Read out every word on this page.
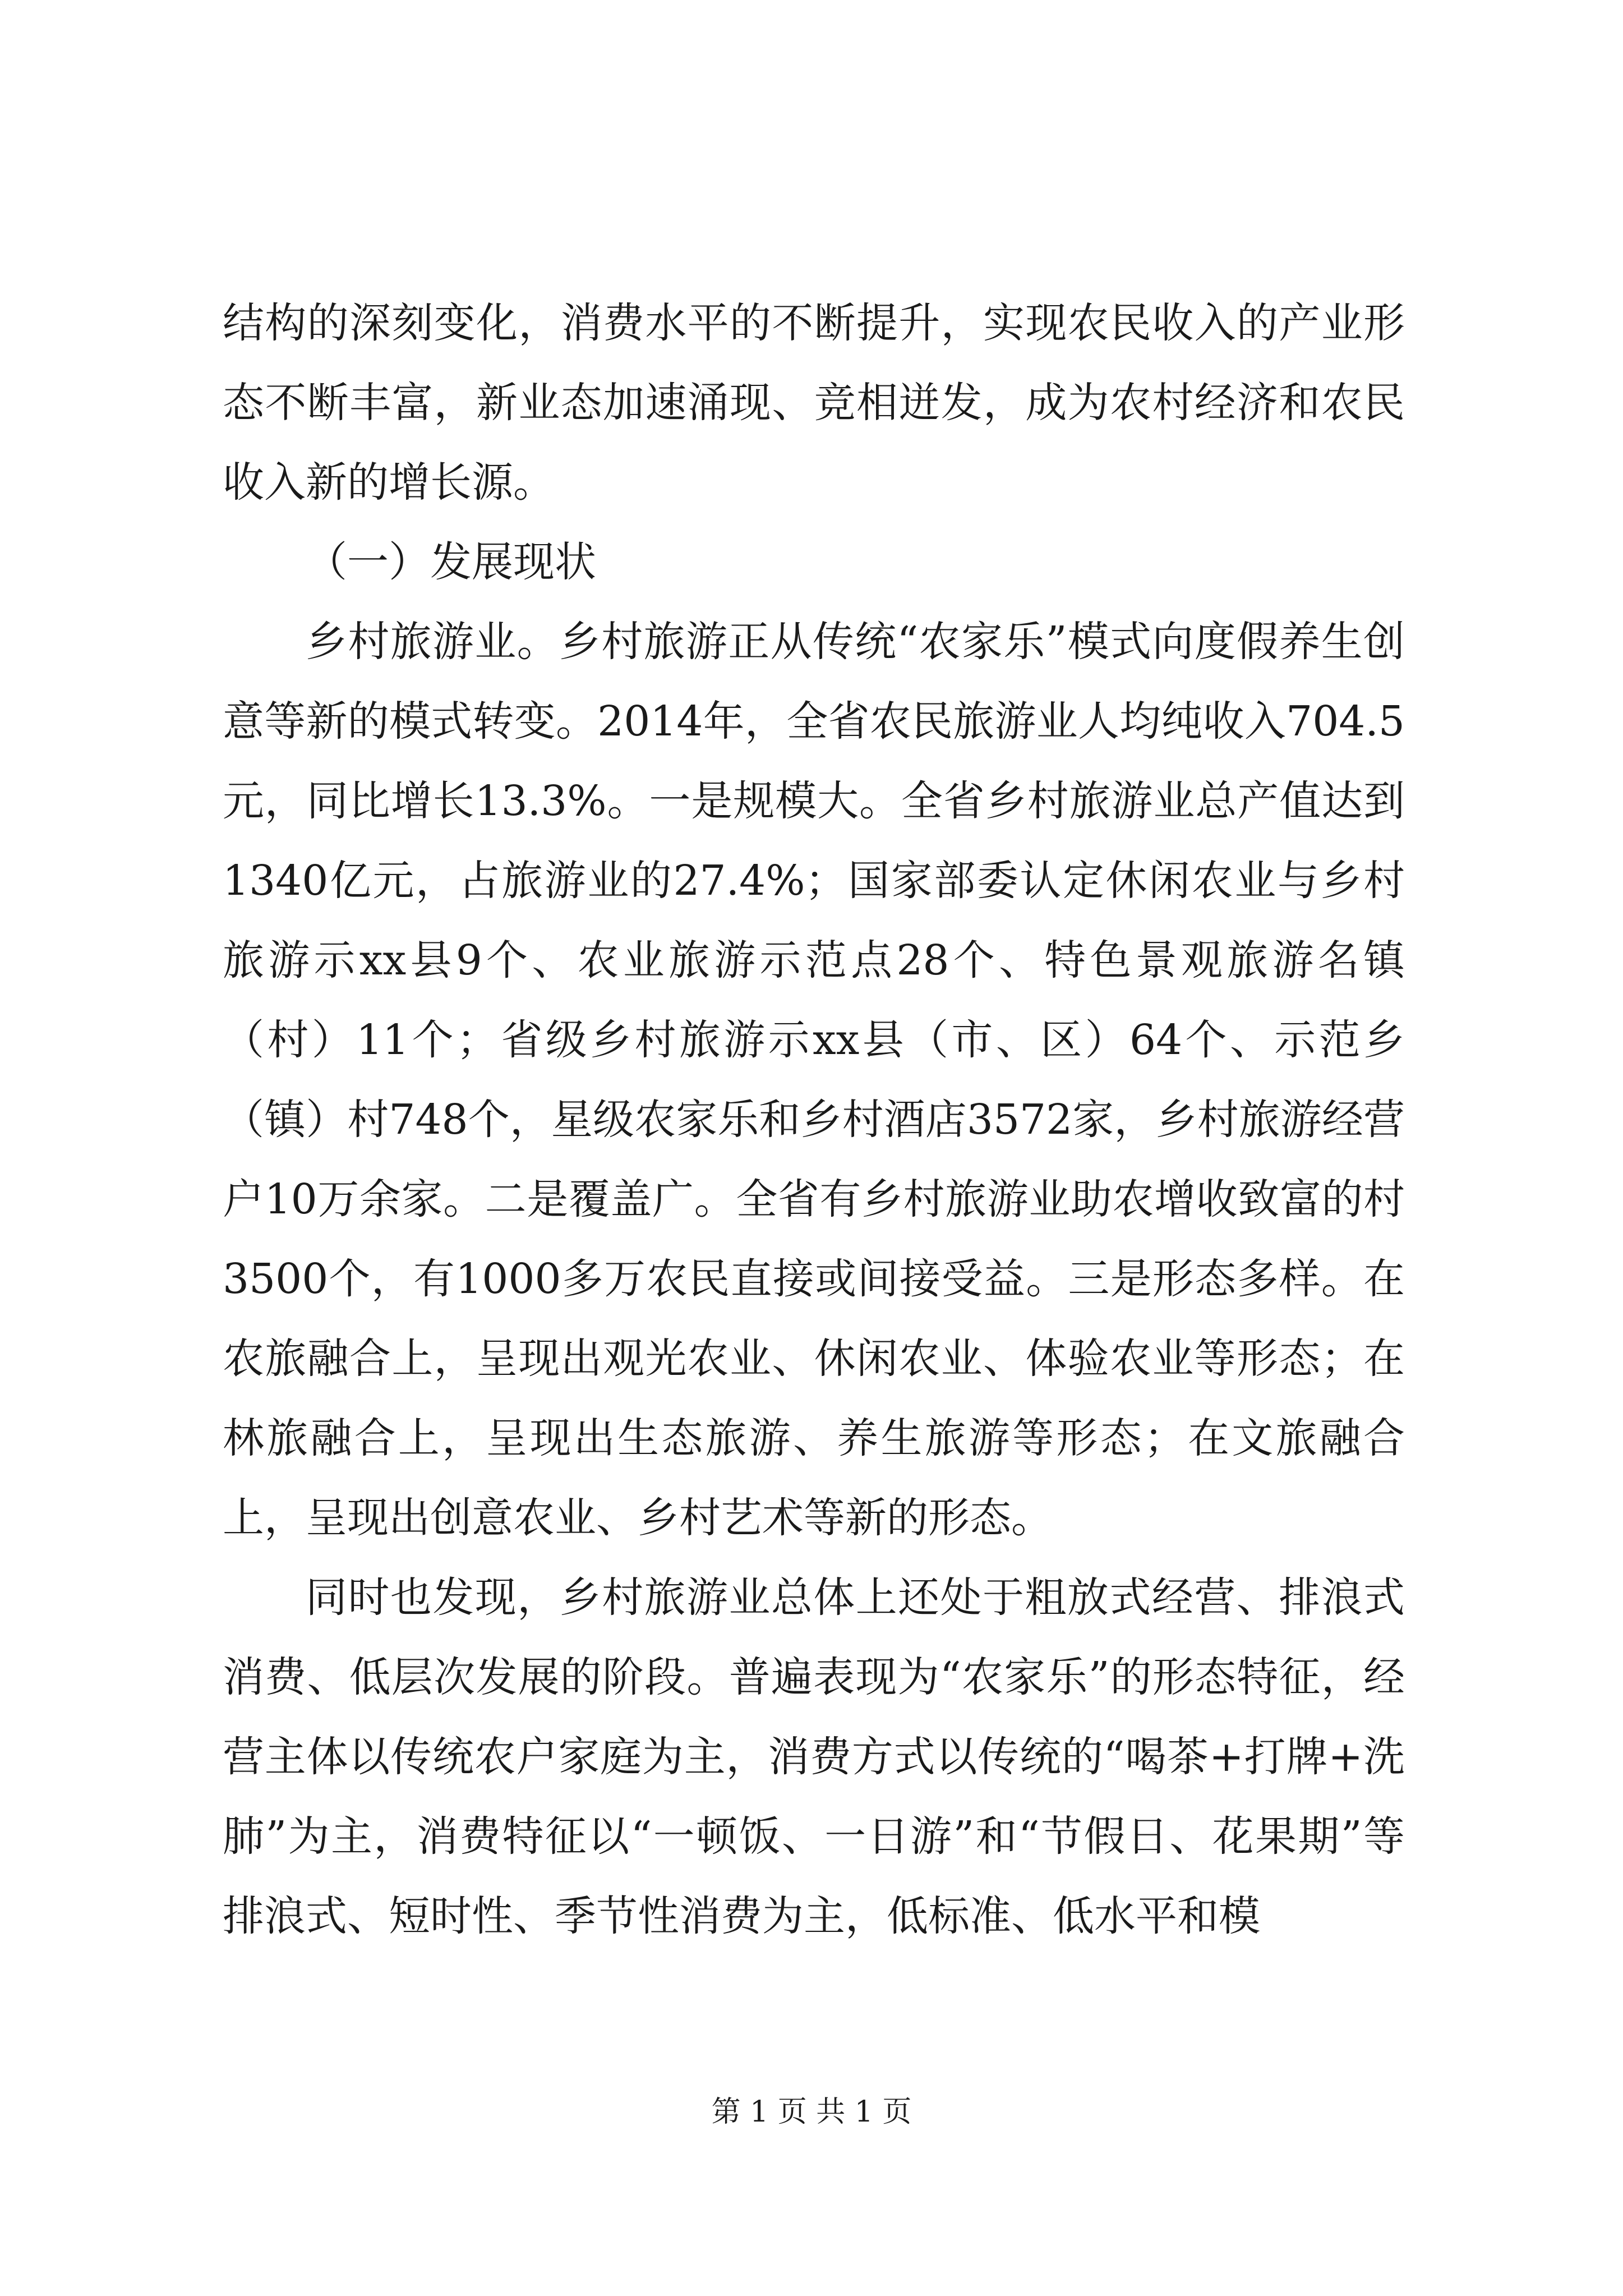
结构的深刻变化，消费水平的不断提升，实现农民收入的产业形态不断丰富，新业态加速涌现、竞相迸发，成为农村经济和农民收入新的增长源。

（一）发展现状

乡村旅游业。乡村旅游正从传统“农家乐”模式向度假养生创意等新的模式转变。2014年，全省农民旅游业人均纯收入704.5元，同比增长13.3%。一是规模大。全省乡村旅游业总产值达到1340亿元，占旅游业的27.4%；国家部委认定休闲农业与乡村旅游示xx县9个、农业旅游示范点28个、特色景观旅游名镇（村）11个；省级乡村旅游示xx县（市、区）64个、示范乡（镇）村748个，星级农家乐和乡村酒店3572家，乡村旅游经营户10万余家。二是覆盖广。全省有乡村旅游业助农增收致富的村3500个，有1000多万农民直接或间接受益。三是形态多样。在农旅融合上，呈现出观光农业、休闲农业、体验农业等形态；在林旅融合上，呈现出生态旅游、养生旅游等形态；在文旅融合上，呈现出创意农业、乡村艺术等新的形态。

同时也发现，乡村旅游业总体上还处于粗放式经营、排浪式消费、低层次发展的阶段。普遍表现为“农家乐”的形态特征，经营主体以传统农户家庭为主，消费方式以传统的“喝茶+打牌+洗肺”为主，消费特征以“一顿饭、一日游”和“节假日、花果期”等排浪式、短时性、季节性消费为主，低标准、低水平和模

第 1 页 共 1 页
